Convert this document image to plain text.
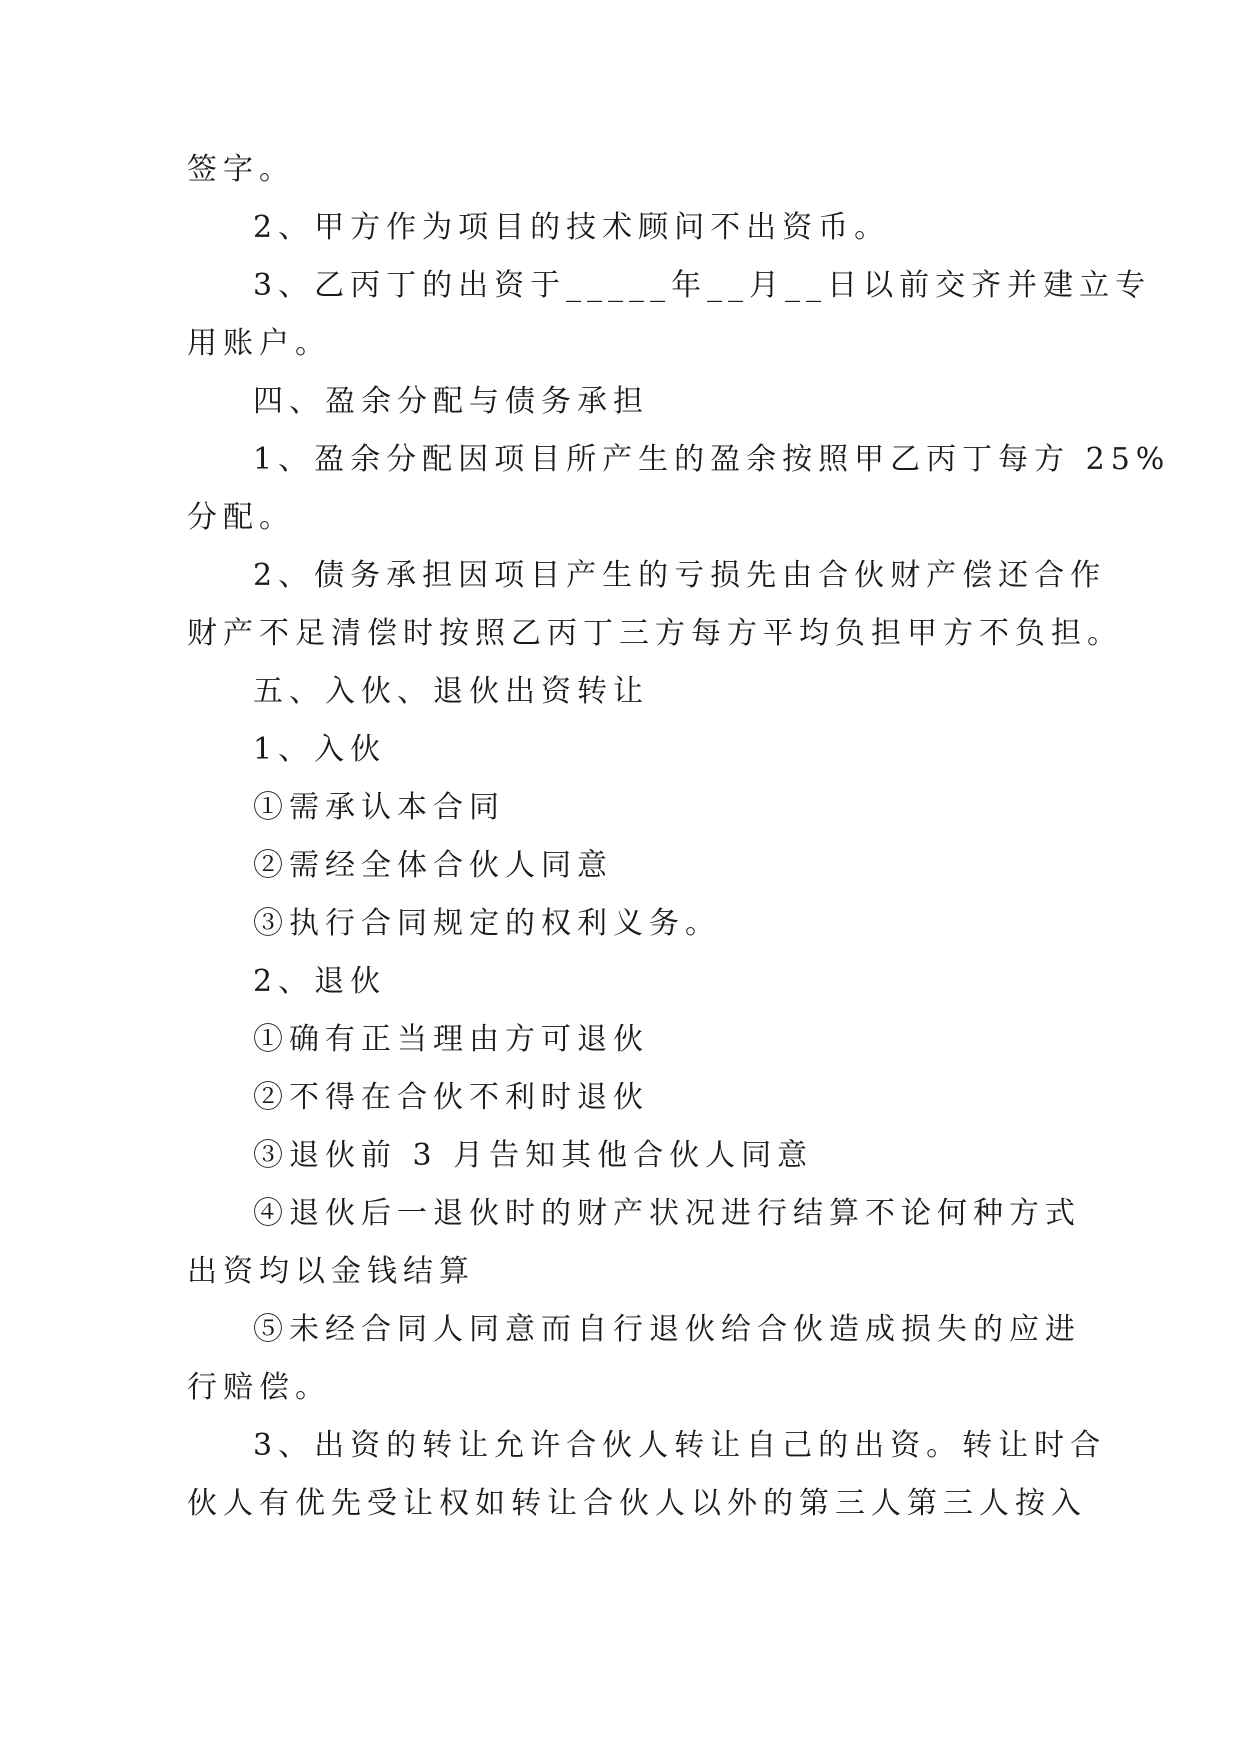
签字。
2、甲方作为项目的技术顾问不出资币。
3、乙丙丁的出资于_____年__月__日以前交齐并建立专
用账户。
四、盈余分配与债务承担
1、盈余分配因项目所产生的盈余按照甲乙丙丁每方 25%
分配。
2、债务承担因项目产生的亏损先由合伙财产偿还合作
财产不足清偿时按照乙丙丁三方每方平均负担甲方不负担。
五、入伙、退伙出资转让
1、入伙
①需承认本合同
②需经全体合伙人同意
③执行合同规定的权利义务。
2、退伙
①确有正当理由方可退伙
②不得在合伙不利时退伙
③退伙前 3 月告知其他合伙人同意
④退伙后一退伙时的财产状况进行结算不论何种方式
出资均以金钱结算
⑤未经合同人同意而自行退伙给合伙造成损失的应进
行赔偿。
3、出资的转让允许合伙人转让自己的出资。转让时合
伙人有优先受让权如转让合伙人以外的第三人第三人按入
